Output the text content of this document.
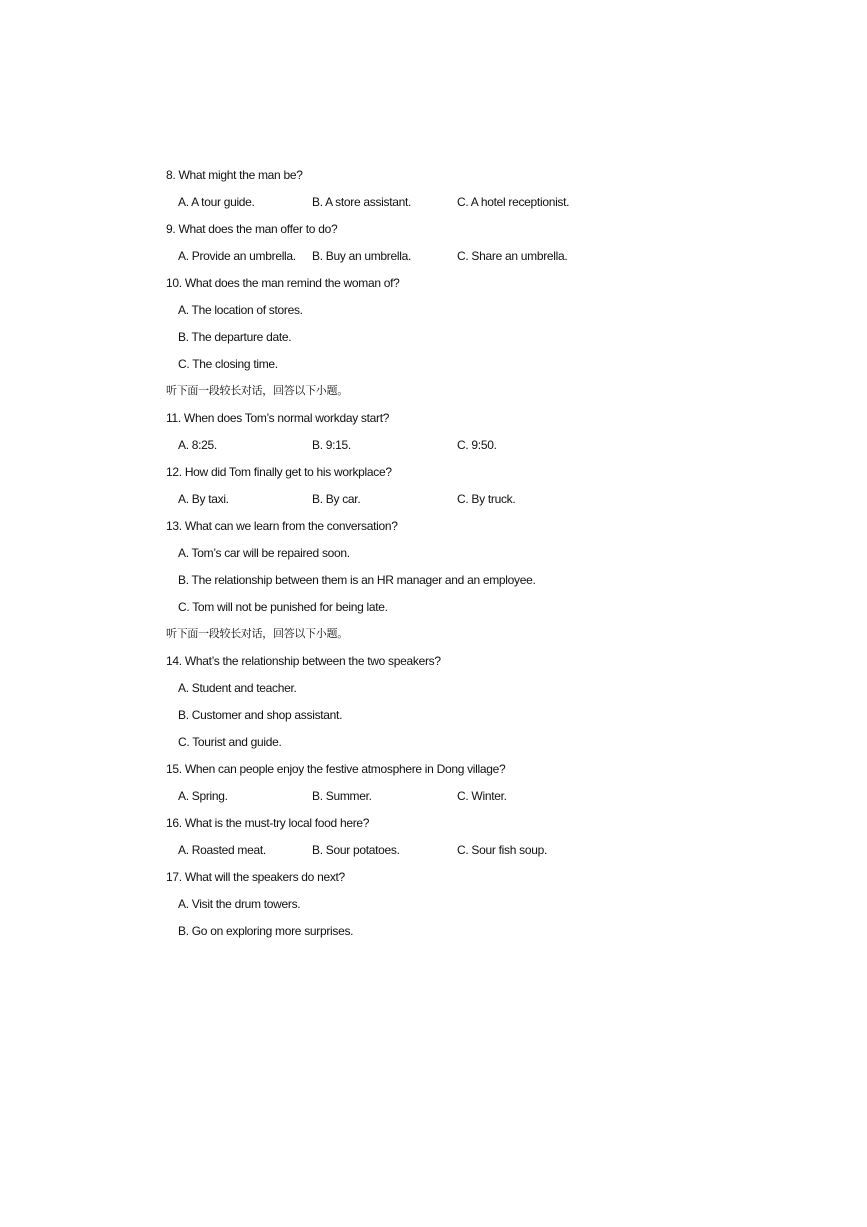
8. What might the man be?
A. A tour guide.	B. A store assistant.	C. A hotel receptionist.
9. What does the man offer to do?
A. Provide an umbrella. B. Buy an umbrella.	C. Share an umbrella.
10. What does the man remind the woman of?
A. The location of stores.
B. The departure date.
C. The closing time.
听下面一段较长对话，回答以下小题。
11. When does Tom’s normal workday start?
A. 8:25.	B. 9:15.	C. 9:50.
12. How did Tom finally get to his workplace?
A. By taxi.	B. By car.	C. By truck.
13. What can we learn from the conversation?
A. Tom’s car will be repaired soon.
B. The relationship between them is an HR manager and an employee.
C. Tom will not be punished for being late.
听下面一段较长对话，回答以下小题。
14. What’s the relationship between the two speakers?
A. Student and teacher.
B. Customer and shop assistant.
C. Tourist and guide.
15. When can people enjoy the festive atmosphere in Dong village?
A. Spring.	B. Summer.	C. Winter.
16. What is the must-try local food here?
A. Roasted meat.	B. Sour potatoes.	C. Sour fish soup.
17. What will the speakers do next?
A. Visit the drum towers.
B. Go on exploring more surprises.
